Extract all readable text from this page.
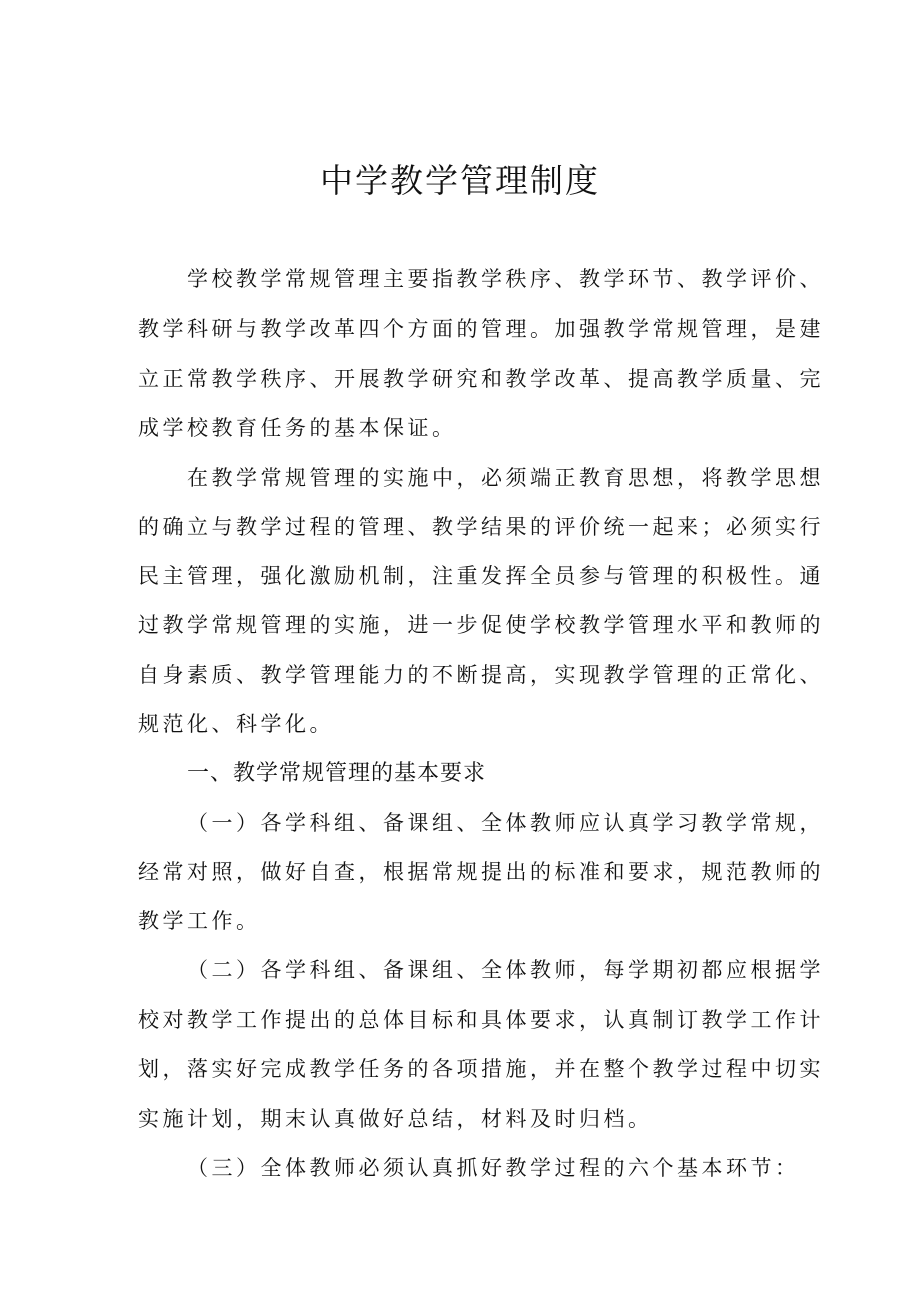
中学教学管理制度
学校教学常规管理主要指教学秩序、教学环节、教学评价、
教学科研与教学改革四个方面的管理。加强教学常规管理，是建
立正常教学秩序、开展教学研究和教学改革、提高教学质量、完
成学校教育任务的基本保证。
在教学常规管理的实施中，必须端正教育思想，将教学思想
的确立与教学过程的管理、教学结果的评价统一起来；必须实行
民主管理，强化激励机制，注重发挥全员参与管理的积极性。通
过教学常规管理的实施，进一步促使学校教学管理水平和教师的
自身素质、教学管理能力的不断提高，实现教学管理的正常化、
规范化、科学化。
一、教学常规管理的基本要求
（一）各学科组、备课组、全体教师应认真学习教学常规，
经常对照，做好自查，根据常规提出的标准和要求，规范教师的
教学工作。
（二）各学科组、备课组、全体教师，每学期初都应根据学
校对教学工作提出的总体目标和具体要求，认真制订教学工作计
划，落实好完成教学任务的各项措施，并在整个教学过程中切实
实施计划，期末认真做好总结，材料及时归档。
（三）全体教师必须认真抓好教学过程的六个基本环节：
